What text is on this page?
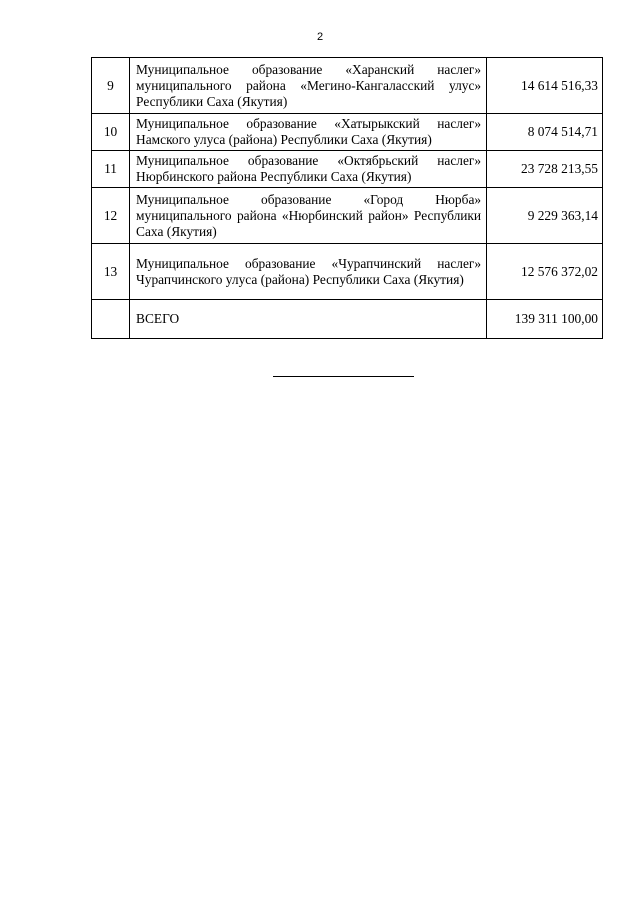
2
9	Муниципальное образование «Харанский наслег» муниципального района «Мегино-Кангаласский улус» Республики Саха (Якутия)	14 614 516,33
10	Муниципальное образование «Хатырыкский наслег» Намского улуса (района) Республики Саха (Якутия)	8 074 514,71
11	Муниципальное образование «Октябрьский наслег» Нюрбинского района Республики Саха (Якутия)	23 728 213,55
12	Муниципальное образование «Город Нюрба» муниципального района «Нюрбинский район» Республики Саха (Якутия)	9 229 363,14
13	Муниципальное образование «Чурапчинский наслег» Чурапчинского улуса (района) Республики Саха (Якутия)	12 576 372,02
	ВСЕГО	139 311 100,00
